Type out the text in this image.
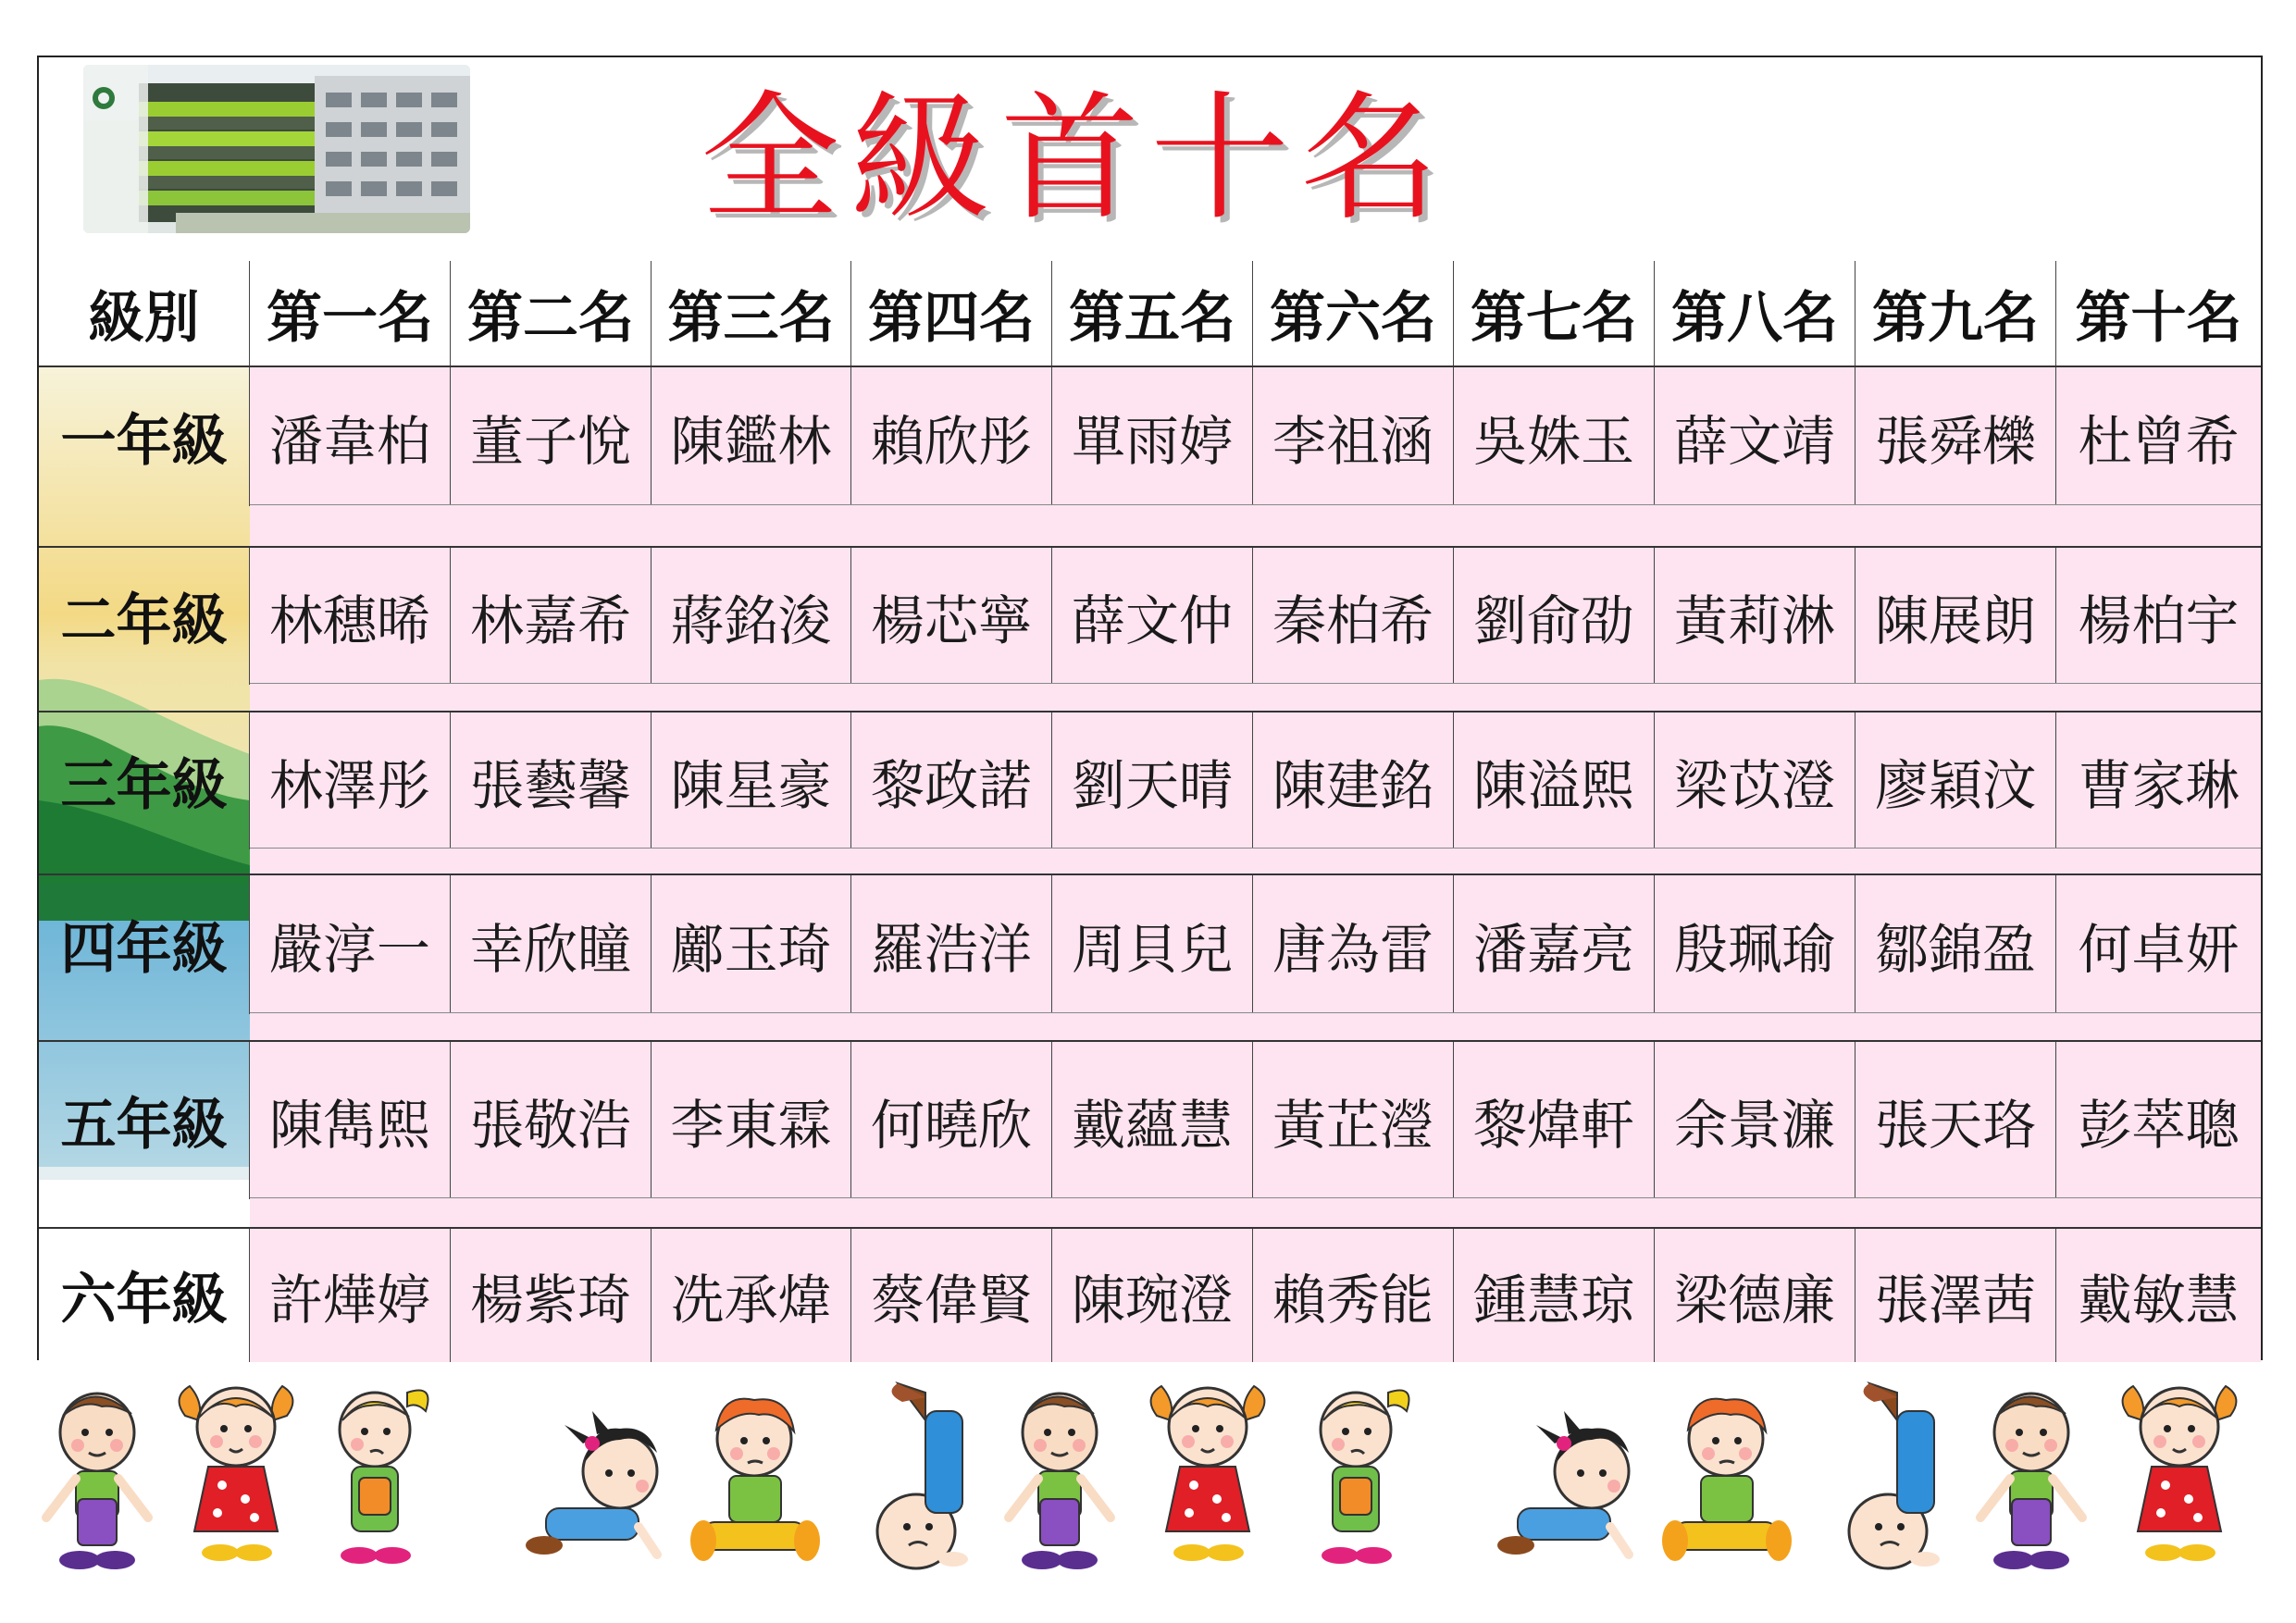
全級首十名
級別	第一名 第二名 第三名 第四名 第五名 第六名 第七名 第八名 第九名 第十名
一年級 潘韋柏 董子悅 陳鑑林 賴欣彤 單雨婷 李祖涵 吳姝玉 薛文靖 張舜櫟 杜曾希
二年級 林穗晞 林嘉希 蔣銘浚 楊芯寧 薛文仲 秦柏希 劉俞劭 黃莉淋 陳展朗 楊柏宇
三年級 林澤彤 張藝馨 陳星豪 黎政諾 劉天晴 陳建銘 陳溢熙 梁苡澄 廖穎汶 曹家琳
四年級 嚴淳一 幸欣瞳 鄺玉琦 羅浩洋 周貝兒 唐為雷 潘嘉亮 殷珮瑜 鄒錦盈 何卓妍
五年級 陳雋熙 張敬浩 李東霖 何曉欣 戴蘊慧 黃芷瀅 黎煒軒 余景濂 張天珞 彭萃聰
六年級 許燁婷 楊紫琦 冼承煒 蔡偉賢 陳琬澄 賴秀能 鍾慧琼 梁德廉 張澤茜 戴敏慧
